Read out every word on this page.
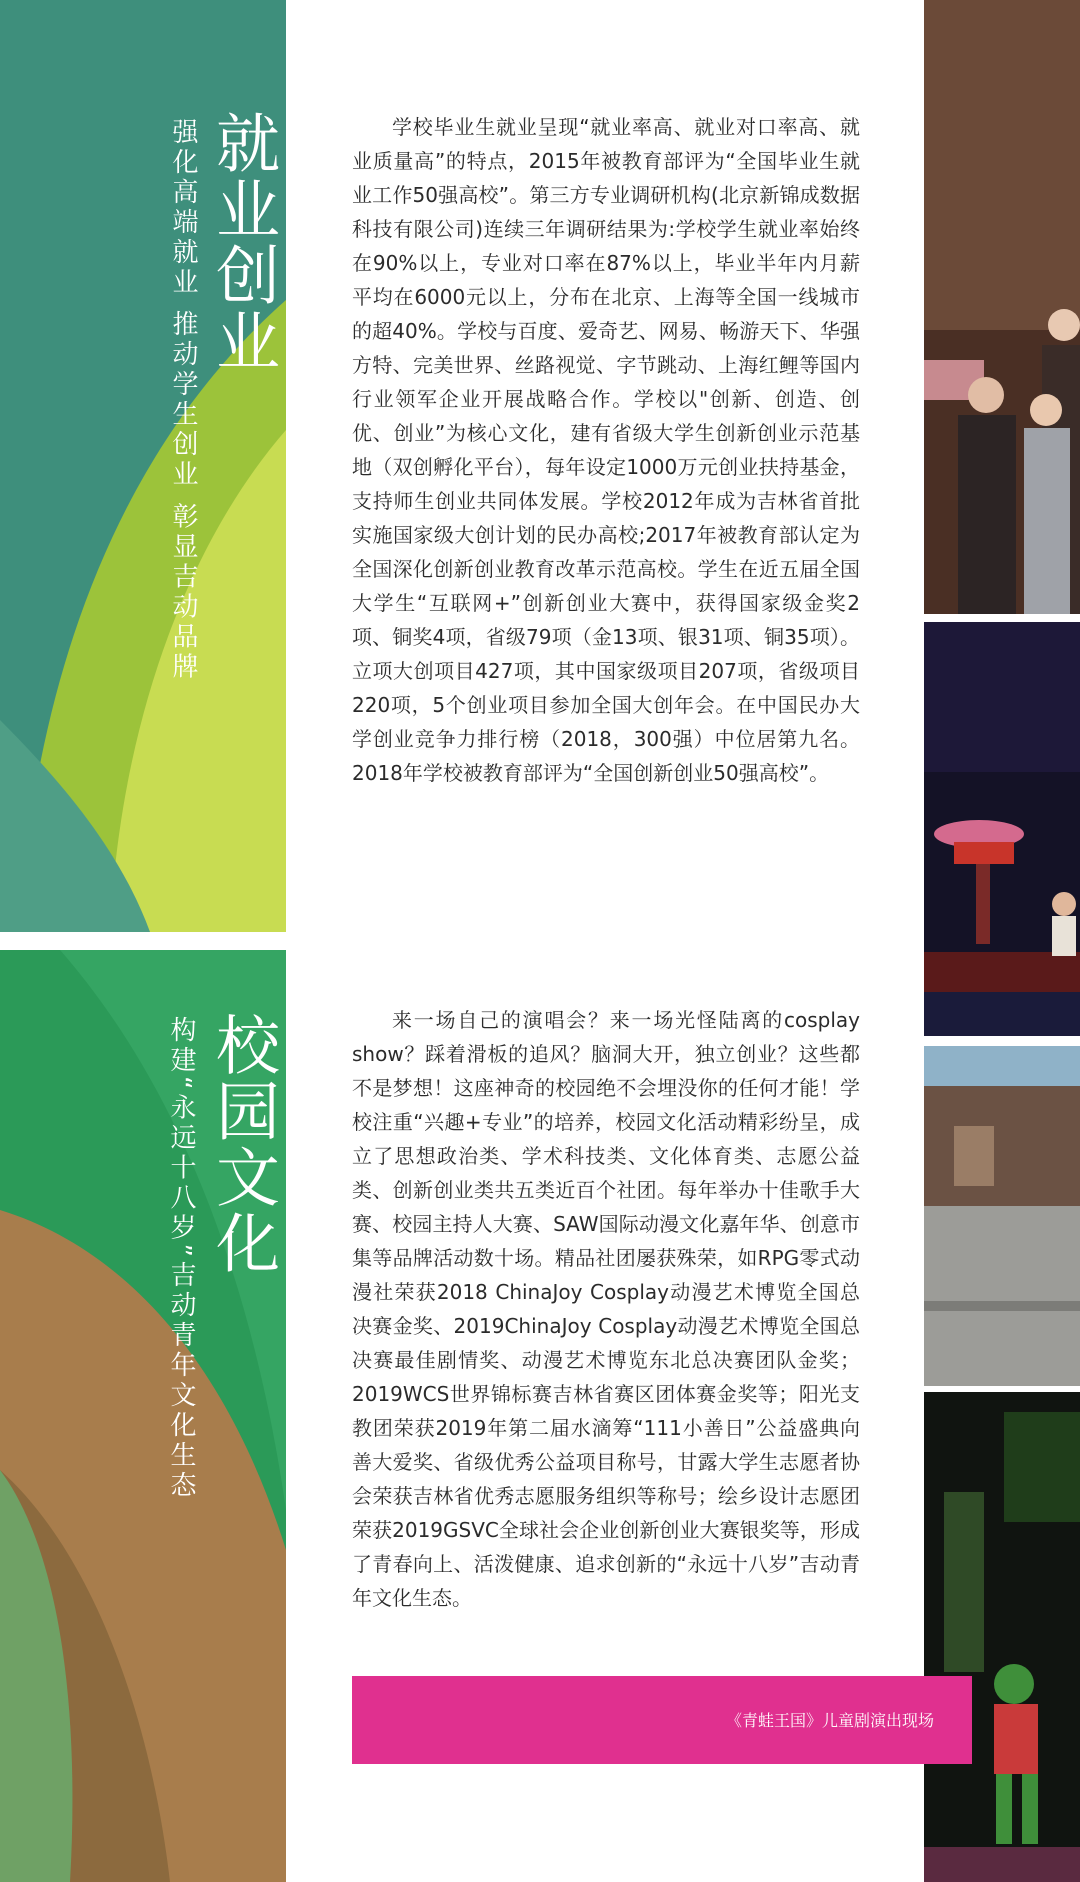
就业创业
强化高端就业 推动学生创业 彰显吉动品牌
校园文化
构建“永远十八岁”吉动青年文化生态

学校毕业生就业呈现“就业率高、就业对口率高、就业质量高”的特点，2015年被教育部评为“全国毕业生就业工作50强高校”。第三方专业调研机构(北京新锦成数据科技有限公司)连续三年调研结果为:学校学生就业率始终在90%以上，专业对口率在87%以上，毕业半年内月薪平均在6000元以上，分布在北京、上海等全国一线城市的超40%。学校与百度、爱奇艺、网易、畅游天下、华强方特、完美世界、丝路视觉、字节跳动、上海红鲤等国内行业领军企业开展战略合作。学校以"创新、创造、创优、创业”为核心文化，建有省级大学生创新创业示范基地（双创孵化平台），每年设定1000万元创业扶持基金，支持师生创业共同体发展。学校2012年成为吉林省首批实施国家级大创计划的民办高校;2017年被教育部认定为全国深化创新创业教育改革示范高校。学生在近五届全国大学生“互联网+”创新创业大赛中，获得国家级金奖2项、铜奖4项，省级79项（金13项、银31项、铜35项）。立项大创项目427项，其中国家级项目207项，省级项目220项，5个创业项目参加全国大创年会。在中国民办大学创业竞争力排行榜（2018，300强）中位居第九名。2018年学校被教育部评为“全国创新创业50强高校”。

来一场自己的演唱会？来一场光怪陆离的cosplay show？踩着滑板的追风？脑洞大开，独立创业？这些都不是梦想！这座神奇的校园绝不会埋没你的任何才能！学校注重“兴趣+专业”的培养，校园文化活动精彩纷呈，成立了思想政治类、学术科技类、文化体育类、志愿公益类、创新创业类共五类近百个社团。每年举办十佳歌手大赛、校园主持人大赛、SAW国际动漫文化嘉年华、创意市集等品牌活动数十场。精品社团屡获殊荣，如RPG零式动漫社荣获2018 ChinaJoy Cosplay动漫艺术博览全国总决赛金奖、2019ChinaJoy Cosplay动漫艺术博览全国总决赛最佳剧情奖、动漫艺术博览东北总决赛团队金奖；2019WCS世界锦标赛吉林省赛区团体赛金奖等；阳光支教团荣获2019年第二届水滴筹“111小善日”公益盛典向善大爱奖、省级优秀公益项目称号，甘露大学生志愿者协会荣获吉林省优秀志愿服务组织等称号；绘乡设计志愿团荣获2019GSVC全球社会企业创新创业大赛银奖等，形成了青春向上、活泼健康、追求创新的“永远十八岁”吉动青年文化生态。

《青蛙王国》儿童剧演出现场
